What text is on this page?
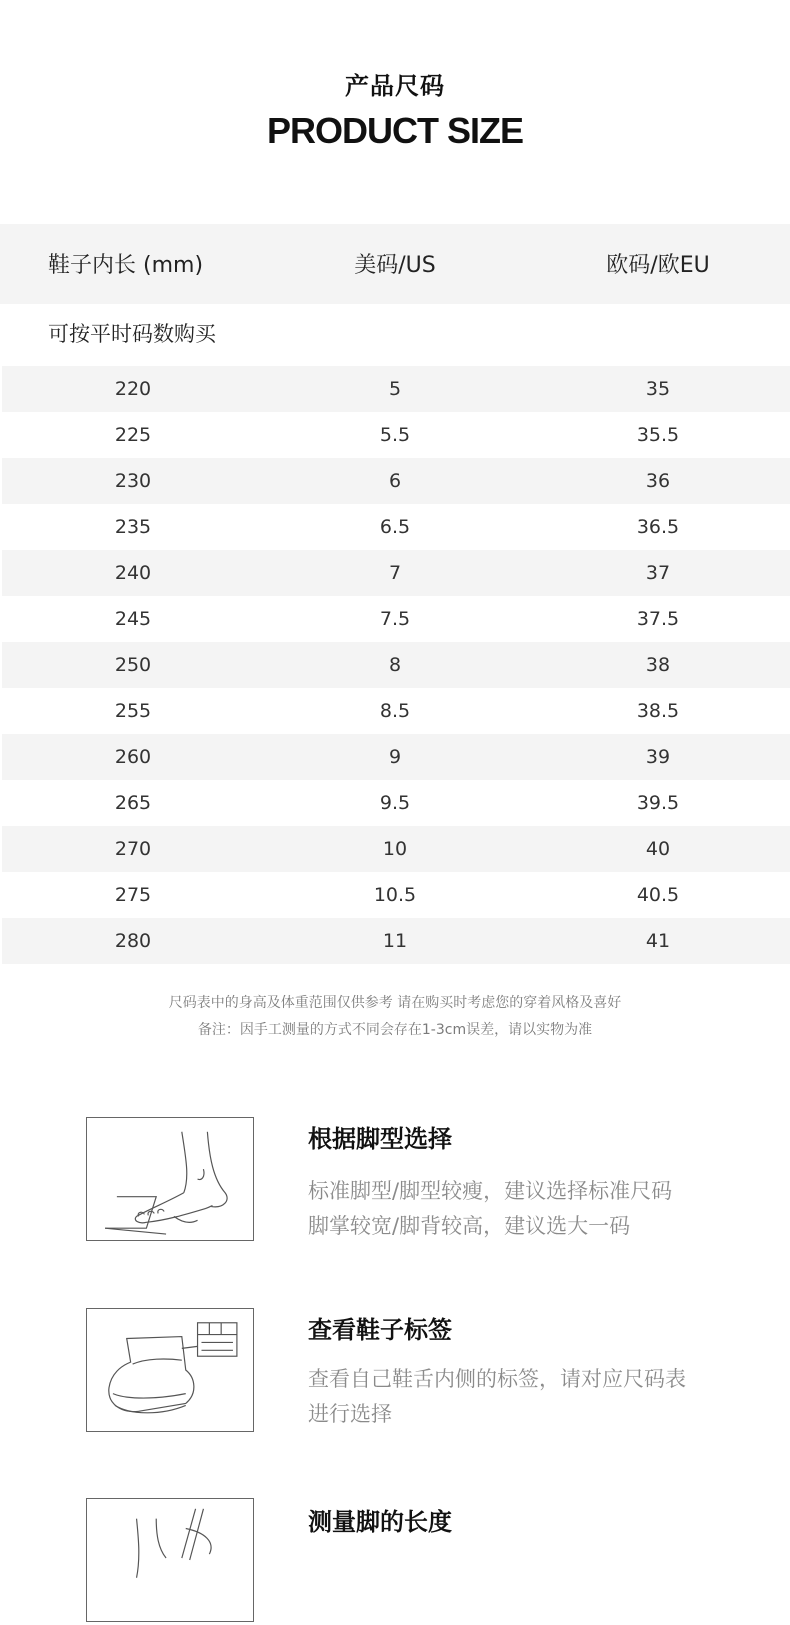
产品尺码
PRODUCT SIZE
鞋子内长 (mm)	美码/US	欧码/欧EU
可按平时码数购买
220	5	35
225	5.5	35.5
230	6	36
235	6.5	36.5
240	7	37
245	7.5	37.5
250	8	38
255	8.5	38.5
260	9	39
265	9.5	39.5
270	10	40
275	10.5	40.5
280	11	41
尺码表中的身高及体重范围仅供参考 请在购买时考虑您的穿着风格及喜好
备注：因手工测量的方式不同会存在1-3cm误差，请以实物为准
根据脚型选择
标准脚型/脚型较瘦，建议选择标准尺码
脚掌较宽/脚背较高，建议选大一码
查看鞋子标签
查看自己鞋舌内侧的标签，请对应尺码表
进行选择
测量脚的长度
